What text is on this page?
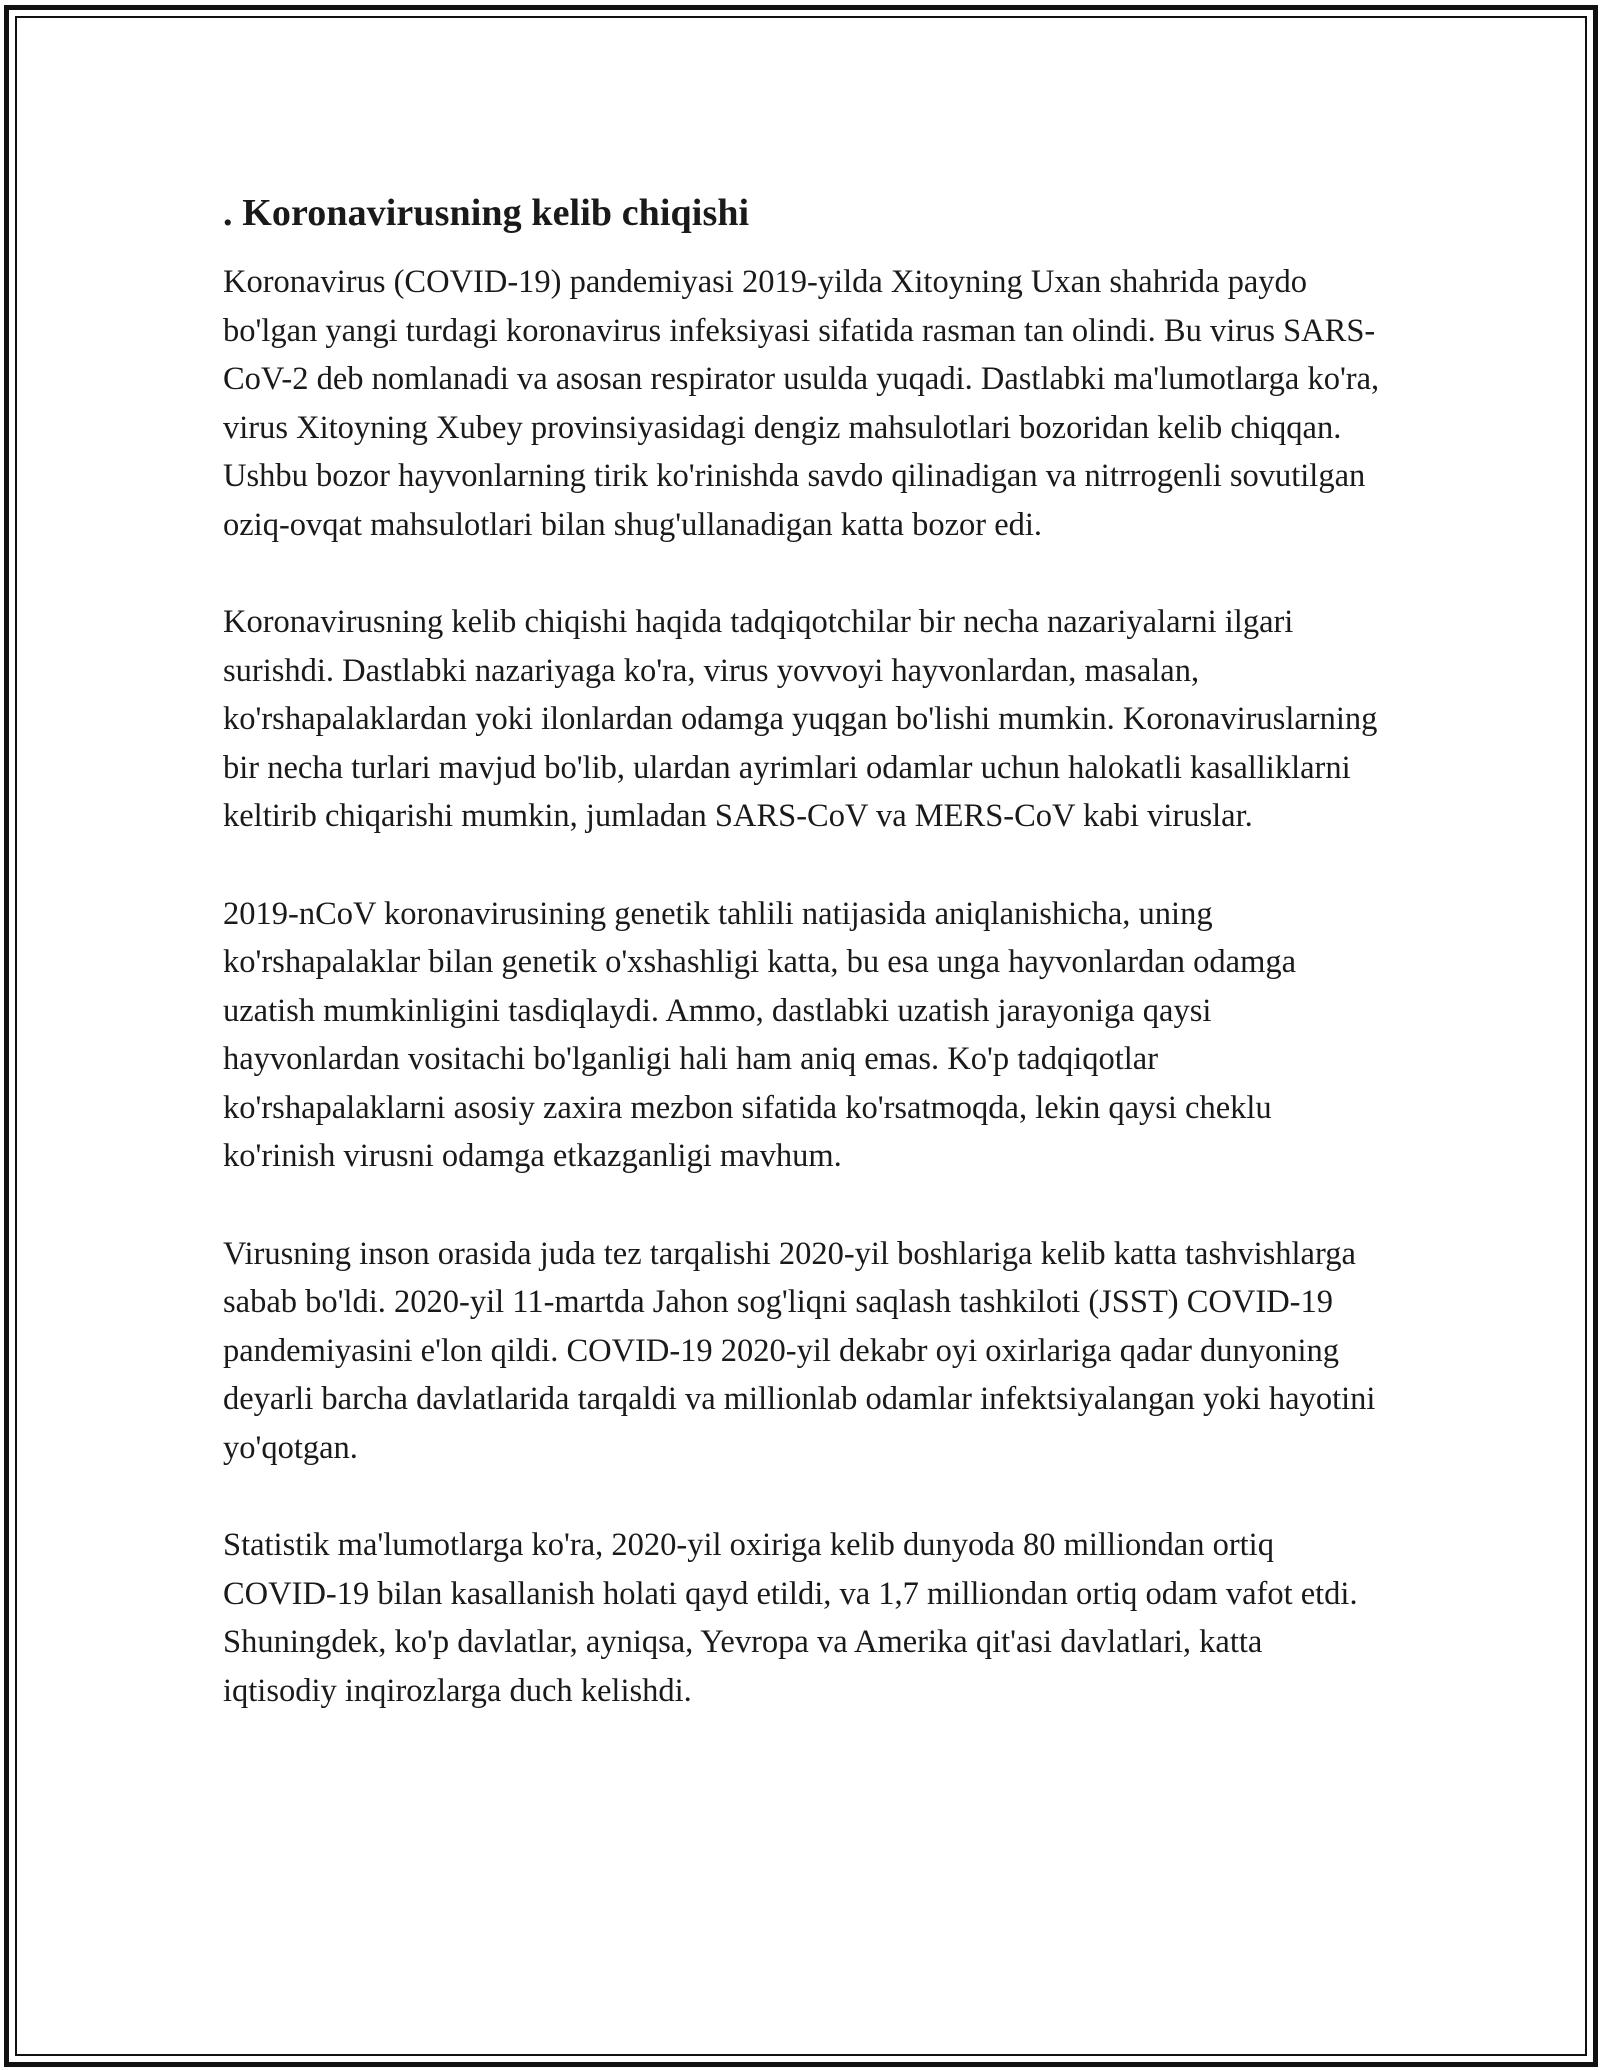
. Koronavirusning kelib chiqishi

Koronavirus (COVID-19) pandemiyasi 2019-yilda Xitoyning Uxan shahrida paydo bo'lgan yangi turdagi koronavirus infeksiyasi sifatida rasman tan olindi. Bu virus SARS-CoV-2 deb nomlanadi va asosan respirator usulda yuqadi. Dastlabki ma'lumotlarga ko'ra, virus Xitoyning Xubey provinsiyasidagi dengiz mahsulotlari bozoridan kelib chiqqan. Ushbu bozor hayvonlarning tirik ko'rinishda savdo qilinadigan va nitrrogenli sovutilgan oziq-ovqat mahsulotlari bilan shug'ullanadigan katta bozor edi.

Koronavirusning kelib chiqishi haqida tadqiqotchilar bir necha nazariyalarni ilgari surishdi. Dastlabki nazariyaga ko'ra, virus yovvoyi hayvonlardan, masalan, ko'rshapalaklardan yoki ilonlardan odamga yuqgan bo'lishi mumkin. Koronaviruslarning bir necha turlari mavjud bo'lib, ulardan ayrimlari odamlar uchun halokatli kasalliklarni keltirib chiqarishi mumkin, jumladan SARS-CoV va MERS-CoV kabi viruslar.

2019-nCoV koronavirusining genetik tahlili natijasida aniqlanishicha, uning ko'rshapalaklar bilan genetik o'xshashligi katta, bu esa unga hayvonlardan odamga uzatish mumkinligini tasdiqlaydi. Ammo, dastlabki uzatish jarayoniga qaysi hayvonlardan vositachi bo'lganligi hali ham aniq emas. Ko'p tadqiqotlar ko'rshapalaklarni asosiy zaxira mezbon sifatida ko'rsatmoqda, lekin qaysi cheklu ko'rinish virusni odamga etkazganligi mavhum.

Virusning inson orasida juda tez tarqalishi 2020-yil boshlariga kelib katta tashvishlarga sabab bo'ldi. 2020-yil 11-martda Jahon sog'liqni saqlash tashkiloti (JSST) COVID-19 pandemiyasini e'lon qildi. COVID-19 2020-yil dekabr oyi oxirlariga qadar dunyoning deyarli barcha davlatlarida tarqaldi va millionlab odamlar infektsiyalangan yoki hayotini yo'qotgan.

Statistik ma'lumotlarga ko'ra, 2020-yil oxiriga kelib dunyoda 80 milliondan ortiq COVID-19 bilan kasallanish holati qayd etildi, va 1,7 milliondan ortiq odam vafot etdi. Shuningdek, ko'p davlatlar, ayniqsa, Yevropa va Amerika qit'asi davlatlari, katta iqtisodiy inqirozlarga duch kelishdi.
